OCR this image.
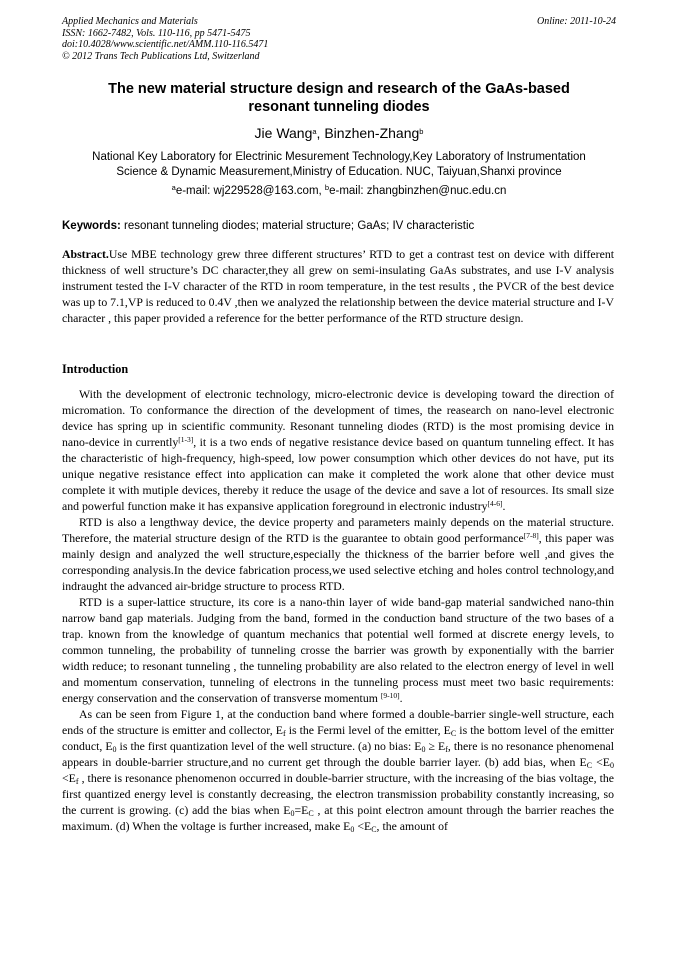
Applied Mechanics and Materials
ISSN: 1662-7482, Vols. 110-116, pp 5471-5475
doi:10.4028/www.scientific.net/AMM.110-116.5471
© 2012 Trans Tech Publications Ltd, Switzerland
Online: 2011-10-24
The new material structure design and research of the GaAs-based
resonant tunneling diodes
Jie Wang$^a$, Binzhen-Zhang$^b$
National Key Laboratory for Electrinic Mesurement Technology,Key Laboratory of Instrumentation
Science & Dynamic Measurement,Ministry of Education. NUC, Taiyuan,Shanxi province
$^a$e-mail: wj229528@163.com, $^b$e-mail: zhangbinzhen@nuc.edu.cn
Keywords: resonant tunneling diodes; material structure; GaAs; IV characteristic
Abstract.Use MBE technology grew three different structures’ RTD to get a contrast test on device with different thickness of well structure’s DC character,they all grew on semi-insulating GaAs substrates, and use I-V analysis instrument tested the I-V character of the RTD in room temperature, in the test results , the PVCR of the best device was up to 7.1,VP is reduced to 0.4V ,then we analyzed the relationship between the device material structure and I-V character , this paper provided a reference for the better performance of the RTD structure design.
Introduction

With the development of electronic technology, micro-electronic device is developing toward the direction of micromation. To conformance the direction of the development of times, the reasearch on nano-level electronic device has spring up in scientific community. Resonant tunneling diodes (RTD) is the most promising device in nano-device in currently[1-3], it is a two ends of negative resistance device based on quantum tunneling effect. It has the characteristic of high-frequency, high-speed, low power consumption which other devices do not have, put its unique negative resistance effect into application can make it completed the work alone that other device must complete it with mutiple devices, thereby it reduce the usage of the device and save a lot of resources. Its small size and powerful function make it has expansive application foreground in electronic industry[4-6].

RTD is also a lengthway device, the device property and parameters mainly depends on the material structure. Therefore, the material structure design of the RTD is the guarantee to obtain good performance[7-8], this paper was mainly design and analyzed the well structure,especially the thickness of the barrier before well ,and gives the corresponding analysis.In the device fabrication process,we used selective etching and holes control technology,and indraught the advanced air-bridge structure to process RTD.

RTD is a super-lattice structure, its core is a nano-thin layer of wide band-gap material sandwiched nano-thin narrow band gap materials. Judging from the band, formed in the conduction band structure of the two bases of a trap. known from the knowledge of quantum mechanics that potential well formed at discrete energy levels, to common tunneling, the probability of tunneling crosse the barrier was growth by exponentially with the barrier width reduce; to resonant tunneling , the tunneling probability are also related to the electron energy of level in well and momentum conservation, tunneling of electrons in the tunneling process must meet two basic requirements: energy conservation and the conservation of transverse momentum [9-10].

As can be seen from Figure 1, at the conduction band where formed a double-barrier single-well structure, each ends of the structure is emitter and collector, $E_f$ is the Fermi level of the emitter, $E_C$ is the bottom level of the emitter conduct, $E_0$ is the first quantization level of the well structure. (a) no bias: $E_0 \ge E_f$, there is no resonance phenomenal appears in double-barrier structure,and no current get through the double barrier layer. (b) add bias, when $E_C <E_0 <E_f$ , there is resonance phenomenon occurred in double-barrier structure, with the increasing of the bias voltage, the first quantized energy level is constantly decreasing, the electron transmission probability constantly increasing, so the current is growing. (c) add the bias when $E_0=E_C$ , at this point electron amount through the barrier reaches the maximum. (d) When the voltage is further increased, make $E_0 <E_C$, the amount of
